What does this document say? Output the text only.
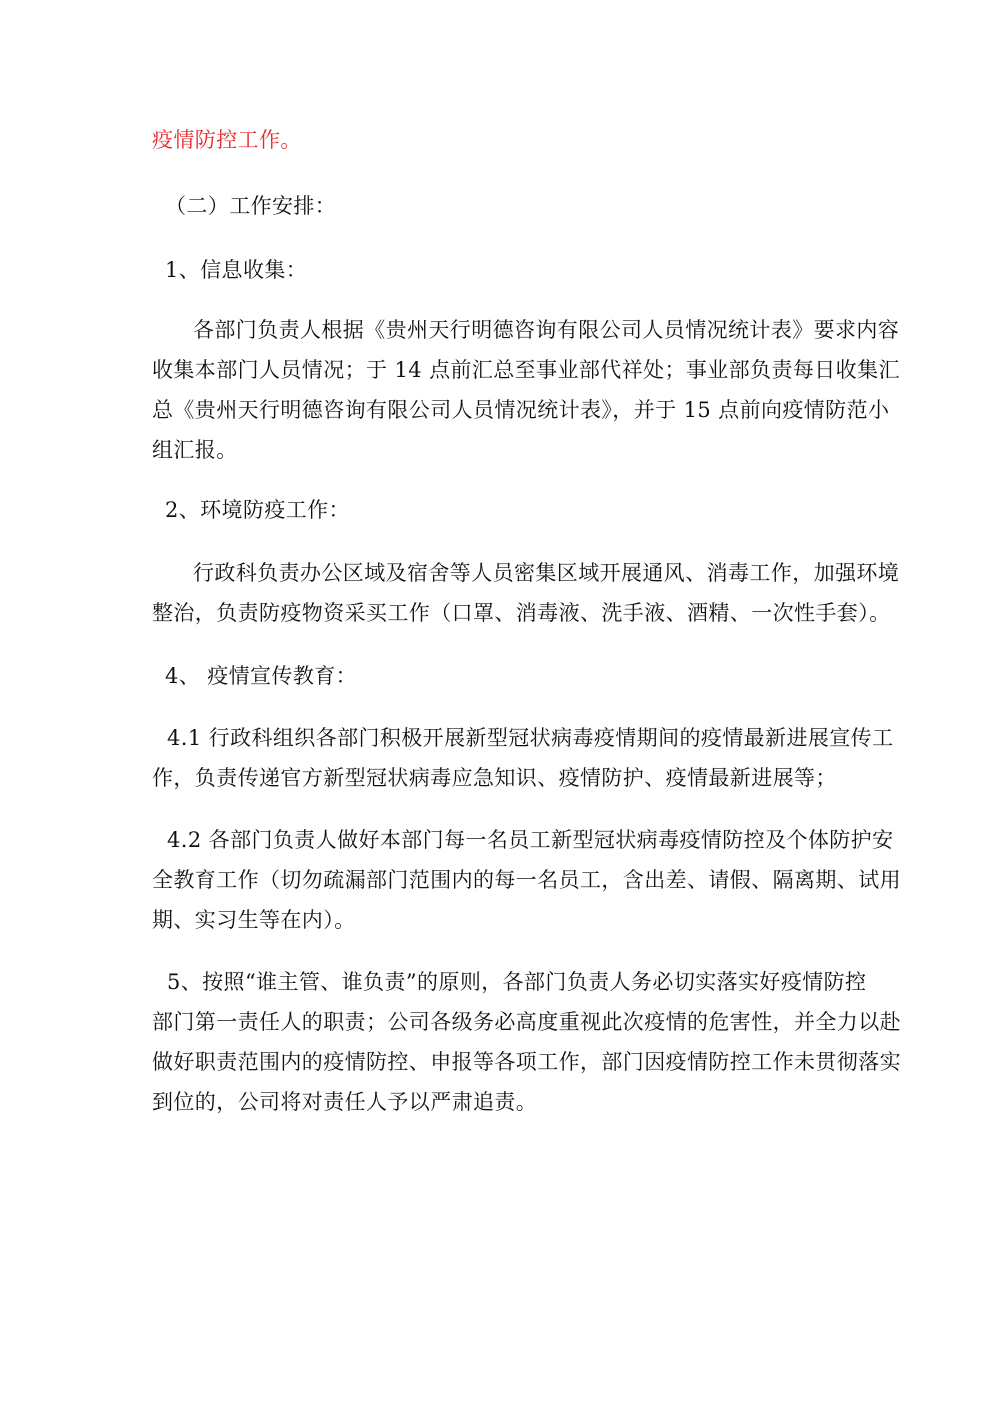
疫情防控工作。
（二）工作安排：
1、信息收集：
各部门负责人根据《贵州天行明德咨询有限公司人员情况统计表》要求内容
收集本部门人员情况；于 14 点前汇总至事业部代祥处；事业部负责每日收集汇
总《贵州天行明德咨询有限公司人员情况统计表》，并于 15 点前向疫情防范小
组汇报。
2、环境防疫工作：
行政科负责办公区域及宿舍等人员密集区域开展通风、消毒工作，加强环境
整治，负责防疫物资采买工作（口罩、消毒液、洗手液、酒精、一次性手套）。
4、 疫情宣传教育：
4.1 行政科组织各部门积极开展新型冠状病毒疫情期间的疫情最新进展宣传工
作，负责传递官方新型冠状病毒应急知识、疫情防护、疫情最新进展等；
4.2 各部门负责人做好本部门每一名员工新型冠状病毒疫情防控及个体防护安
全教育工作（切勿疏漏部门范围内的每一名员工，含出差、请假、隔离期、试用
期、实习生等在内）。
5、按照“谁主管、谁负责”的原则，各部门负责人务必切实落实好疫情防控
部门第一责任人的职责；公司各级务必高度重视此次疫情的危害性，并全力以赴
做好职责范围内的疫情防控、申报等各项工作，部门因疫情防控工作未贯彻落实
到位的，公司将对责任人予以严肃追责。
